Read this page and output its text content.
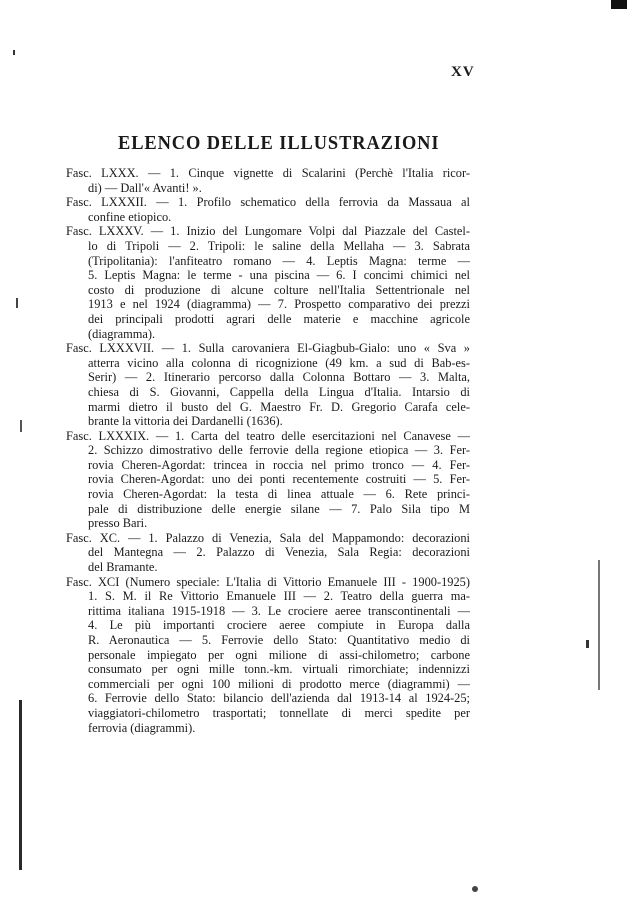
XV
ELENCO DELLE ILLUSTRAZIONI
Fasc. LXXX. — 1. Cinque vignette di Scalarini (Perchè l'Italia ricor-
di) — Dall'« Avanti! ».
Fasc. LXXXII. — 1. Profilo schematico della ferrovia da Massaua al
confine etiopico.
Fasc. LXXXV. — 1. Inizio del Lungomare Volpi dal Piazzale del Castel-
lo di Tripoli — 2. Tripoli: le saline della Mellaha — 3. Sabrata
(Tripolitania): l'anfiteatro romano — 4. Leptis Magna: terme —
5. Leptis Magna: le terme - una piscina — 6. I concimi chimici nel
costo di produzione di alcune colture nell'Italia Settentrionale nel
1913 e nel 1924 (diagramma) — 7. Prospetto comparativo dei prezzi
dei principali prodotti agrari delle materie e macchine agricole
(diagramma).
Fasc. LXXXVII. — 1. Sulla carovaniera El-Giagbub-Gialo: uno « Sva »
atterra vicino alla colonna di ricognizione (49 km. a sud di Bab-es-
Serir) — 2. Itinerario percorso dalla Colonna Bottaro — 3. Malta,
chiesa di S. Giovanni, Cappella della Lingua d'Italia. Intarsio di
marmi dietro il busto del G. Maestro Fr. D. Gregorio Carafa cele-
brante la vittoria dei Dardanelli (1636).
Fasc. LXXXIX. — 1. Carta del teatro delle esercitazioni nel Canavese —
2. Schizzo dimostrativo delle ferrovie della regione etiopica — 3. Fer-
rovia Cheren-Agordat: trincea in roccia nel primo tronco — 4. Fer-
rovia Cheren-Agordat: uno dei ponti recentemente costruiti — 5. Fer-
rovia Cheren-Agordat: la testa di linea attuale — 6. Rete princi-
pale di distribuzione delle energie silane — 7. Palo Sila tipo M
presso Bari.
Fasc. XC. — 1. Palazzo di Venezia, Sala del Mappamondo: decorazioni
del Mantegna — 2. Palazzo di Venezia, Sala Regia: decorazioni
del Bramante.
Fasc. XCI (Numero speciale: L'Italia di Vittorio Emanuele III - 1900-1925)
1. S. M. il Re Vittorio Emanuele III — 2. Teatro della guerra ma-
rittima italiana 1915-1918 — 3. Le crociere aeree transcontinentali —
4. Le più importanti crociere aeree compiute in Europa dalla
R. Aeronautica — 5. Ferrovie dello Stato: Quantitativo medio di
personale impiegato per ogni milione di assi-chilometro; carbone
consumato per ogni mille tonn.-km. virtuali rimorchiate; indennizzi
commerciali per ogni 100 milioni di prodotto merce (diagrammi) —
6. Ferrovie dello Stato: bilancio dell'azienda dal 1913-14 al 1924-25;
viaggiatori-chilometro trasportati; tonnellate di merci spedite per
ferrovia (diagrammi).
